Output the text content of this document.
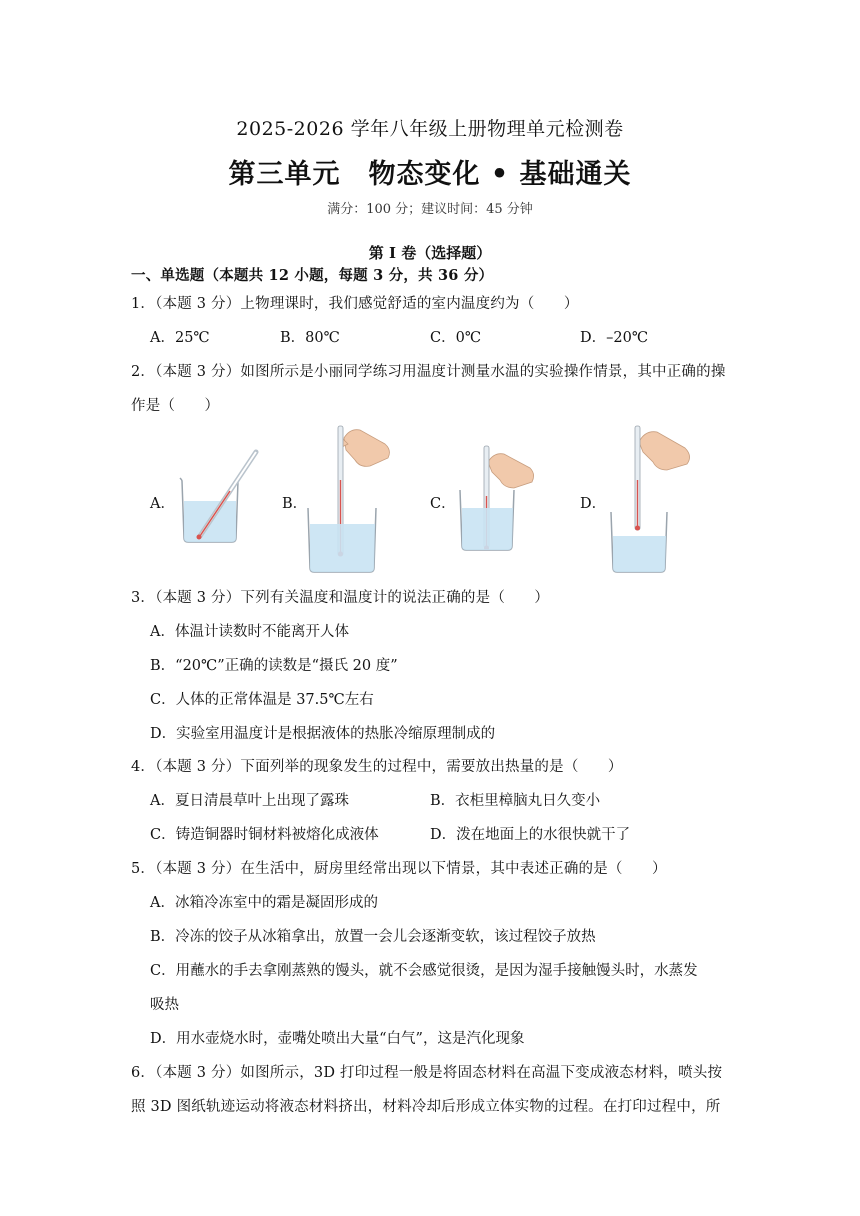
2025-2026 学年八年级上册物理单元检测卷
第三单元　物态变化 • 基础通关
满分：100 分；建议时间：45 分钟
第 I 卷（选择题）
一、单选题（本题共 12 小题，每题 3 分，共 36 分）
1．（本题 3 分）上物理课时，我们感觉舒适的室内温度约为（　　）
A．25℃	B．80℃	C．0℃	D．–20℃
2．（本题 3 分）如图所示是小丽同学练习用温度计测量水温的实验操作情景，其中正确的操
作是（　　）
A．	B．	C．	D．
3．（本题 3 分）下列有关温度和温度计的说法正确的是（　　）
A．体温计读数时不能离开人体
B．“20℃”正确的读数是“摄氏 20 度”
C．人体的正常体温是 37.5℃左右
D．实验室用温度计是根据液体的热胀冷缩原理制成的
4．（本题 3 分）下面列举的现象发生的过程中，需要放出热量的是（　　）
A．夏日清晨草叶上出现了露珠	B．衣柜里樟脑丸日久变小
C．铸造铜器时铜材料被熔化成液体	D．泼在地面上的水很快就干了
5．（本题 3 分）在生活中，厨房里经常出现以下情景，其中表述正确的是（　　）
A．冰箱冷冻室中的霜是凝固形成的
B．冷冻的饺子从冰箱拿出，放置一会儿会逐渐变软，该过程饺子放热
C．用蘸水的手去拿刚蒸熟的馒头，就不会感觉很烫，是因为湿手接触馒头时，水蒸发
吸热
D．用水壶烧水时，壶嘴处喷出大量“白气”，这是汽化现象
6．（本题 3 分）如图所示，3D 打印过程一般是将固态材料在高温下变成液态材料，喷头按
照 3D 图纸轨迹运动将液态材料挤出，材料冷却后形成立体实物的过程。在打印过程中，所
